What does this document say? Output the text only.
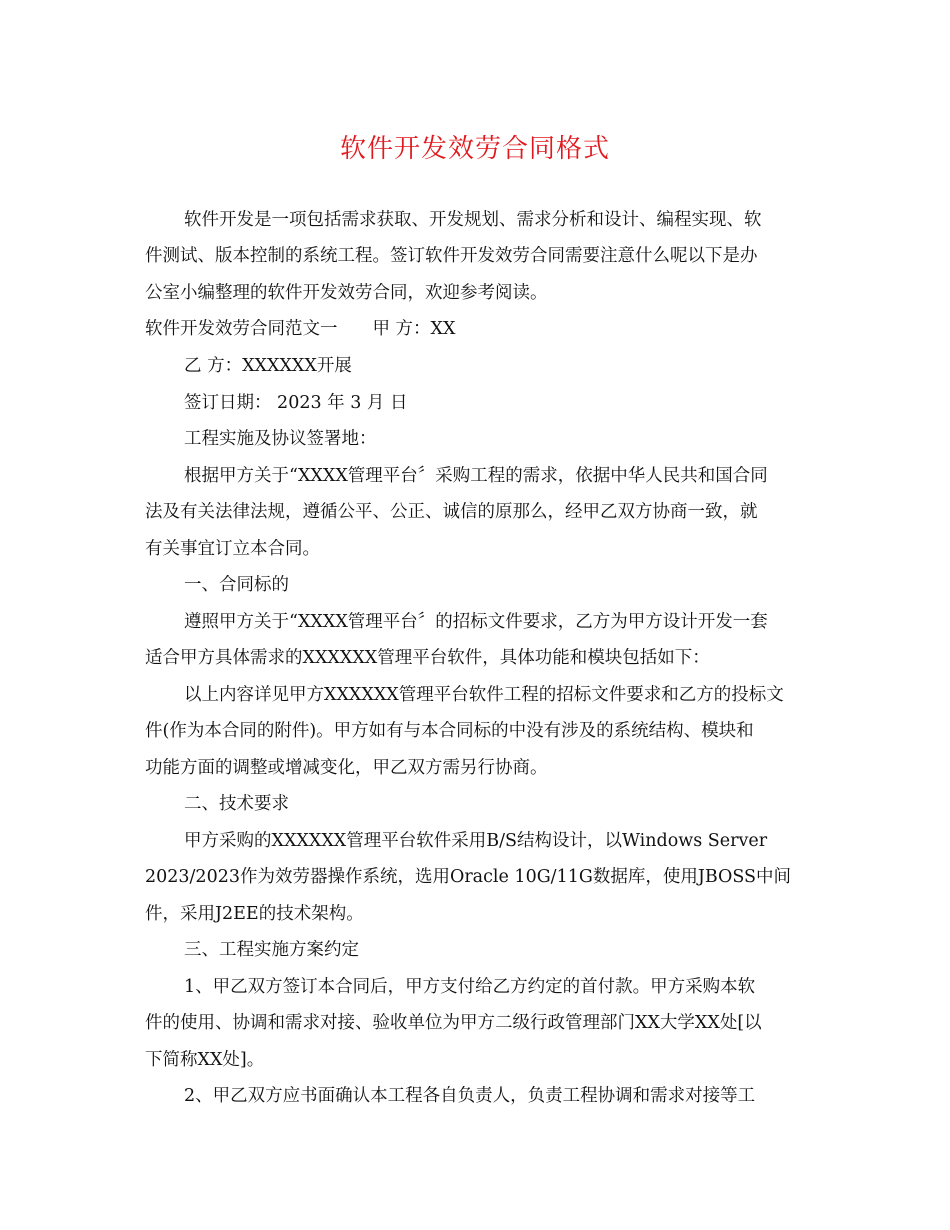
软件开发效劳合同格式
软件开发是一项包括需求获取、开发规划、需求分析和设计、编程实现、软
件测试、版本控制的系统工程。签订软件开发效劳合同需要注意什么呢以下是办
公室小编整理的软件开发效劳合同，欢迎参考阅读。
软件开发效劳合同范文一　　甲 方：XX
乙 方：XXXXXX开展
签订日期： 2023 年 3 月 日
工程实施及协议签署地：
根据甲方关于“XXXX管理平台〞采购工程的需求，依据中华人民共和国合同
法及有关法律法规，遵循公平、公正、诚信的原那么，经甲乙双方协商一致，就
有关事宜订立本合同。
一、合同标的
遵照甲方关于“XXXX管理平台〞的招标文件要求，乙方为甲方设计开发一套
适合甲方具体需求的XXXXXX管理平台软件，具体功能和模块包括如下：
以上内容详见甲方XXXXXX管理平台软件工程的招标文件要求和乙方的投标文
件(作为本合同的附件)。甲方如有与本合同标的中没有涉及的系统结构、模块和
功能方面的调整或增减变化，甲乙双方需另行协商。
二、技术要求
甲方采购的XXXXXX管理平台软件采用B/S结构设计，以Windows Server
2023/2023作为效劳器操作系统，选用Oracle 10G/11G数据库，使用JBOSS中间
件，采用J2EE的技术架构。
三、工程实施方案约定
1、甲乙双方签订本合同后，甲方支付给乙方约定的首付款。甲方采购本软
件的使用、协调和需求对接、验收单位为甲方二级行政管理部门XX大学XX处[以
下简称XX处]。
2、甲乙双方应书面确认本工程各自负责人，负责工程协调和需求对接等工
